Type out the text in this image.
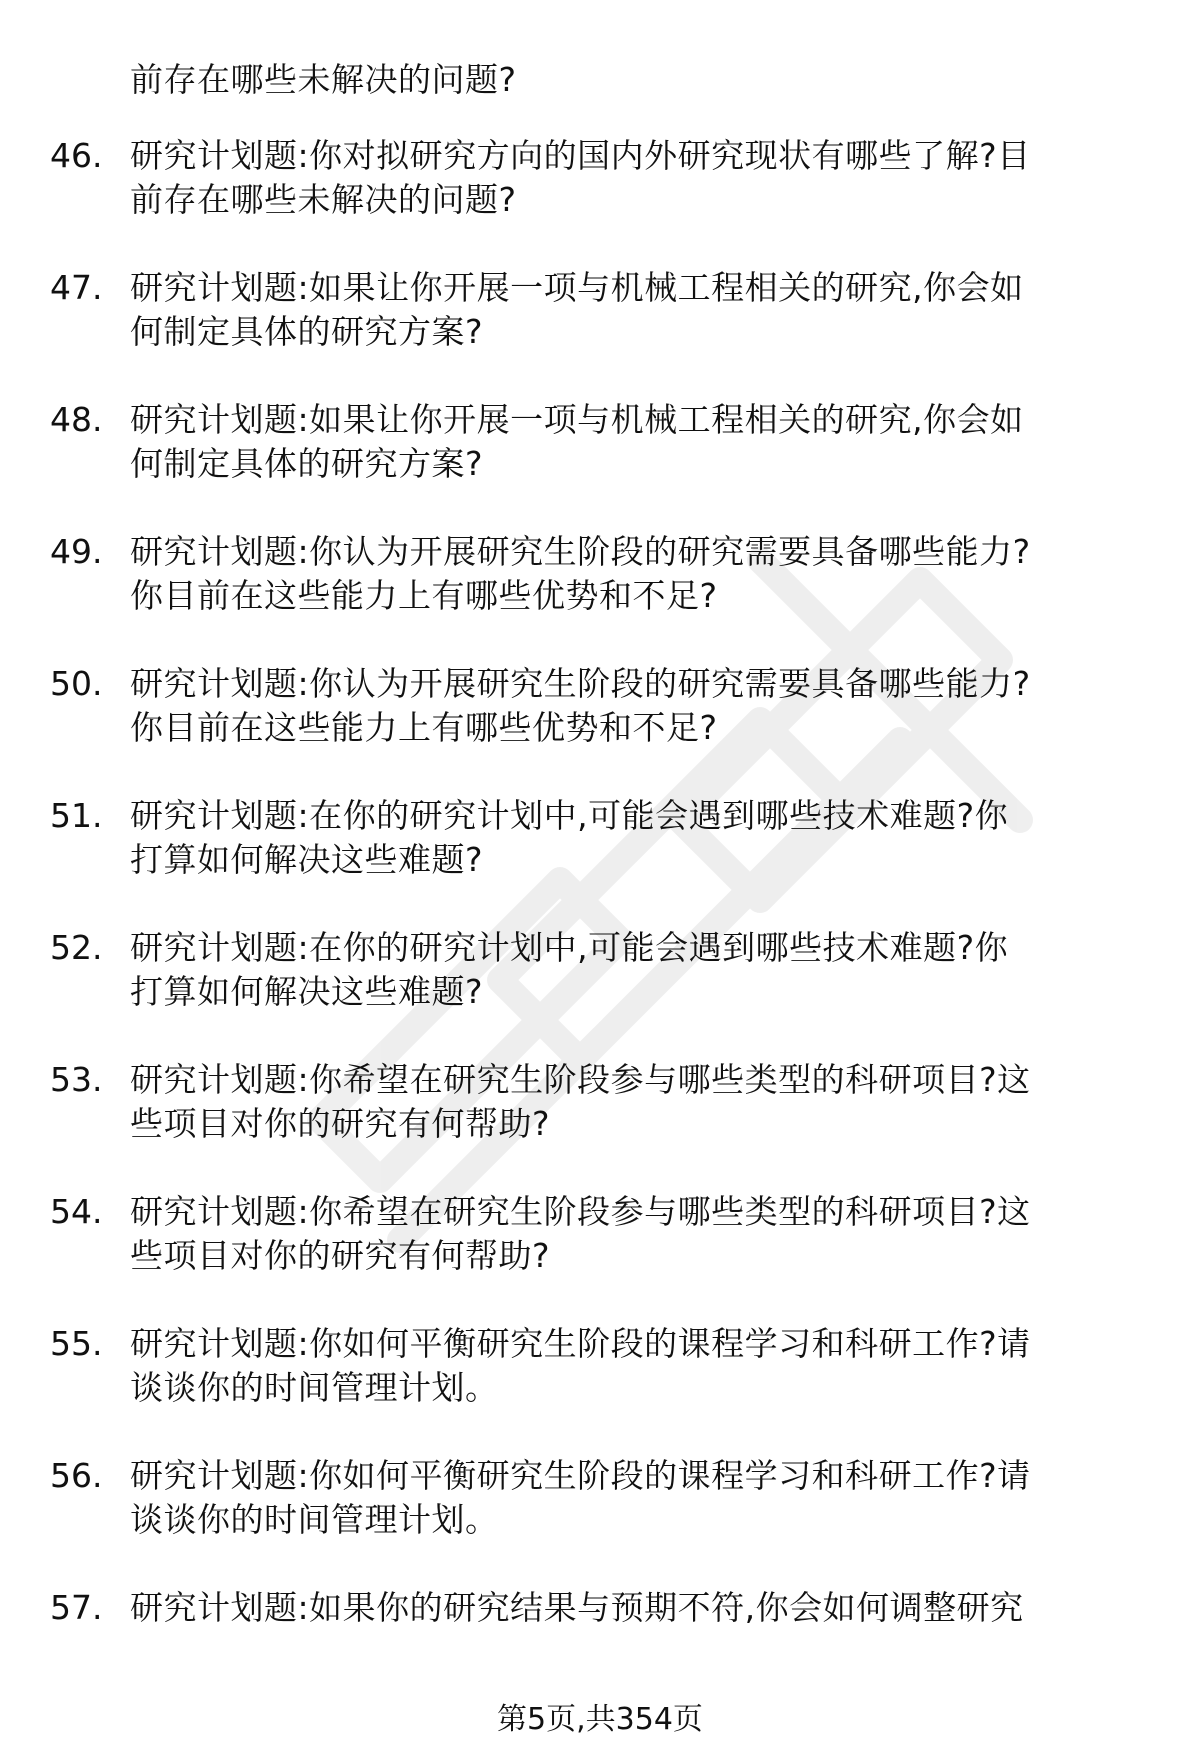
前存在哪些未解决的问题?
46. 研究计划题:你对拟研究方向的国内外研究现状有哪些了解?目
前存在哪些未解决的问题?
47. 研究计划题:如果让你开展一项与机械工程相关的研究,你会如
何制定具体的研究方案?
48. 研究计划题:如果让你开展一项与机械工程相关的研究,你会如
何制定具体的研究方案?
49. 研究计划题:你认为开展研究生阶段的研究需要具备哪些能力?
你目前在这些能力上有哪些优势和不足?
50. 研究计划题:你认为开展研究生阶段的研究需要具备哪些能力?
你目前在这些能力上有哪些优势和不足?
51. 研究计划题:在你的研究计划中,可能会遇到哪些技术难题?你
打算如何解决这些难题?
52. 研究计划题:在你的研究计划中,可能会遇到哪些技术难题?你
打算如何解决这些难题?
53. 研究计划题:你希望在研究生阶段参与哪些类型的科研项目?这
些项目对你的研究有何帮助?
54. 研究计划题:你希望在研究生阶段参与哪些类型的科研项目?这
些项目对你的研究有何帮助?
55. 研究计划题:你如何平衡研究生阶段的课程学习和科研工作?请
谈谈你的时间管理计划。
56. 研究计划题:你如何平衡研究生阶段的课程学习和科研工作?请
谈谈你的时间管理计划。
57. 研究计划题:如果你的研究结果与预期不符,你会如何调整研究
第5页,共354页
